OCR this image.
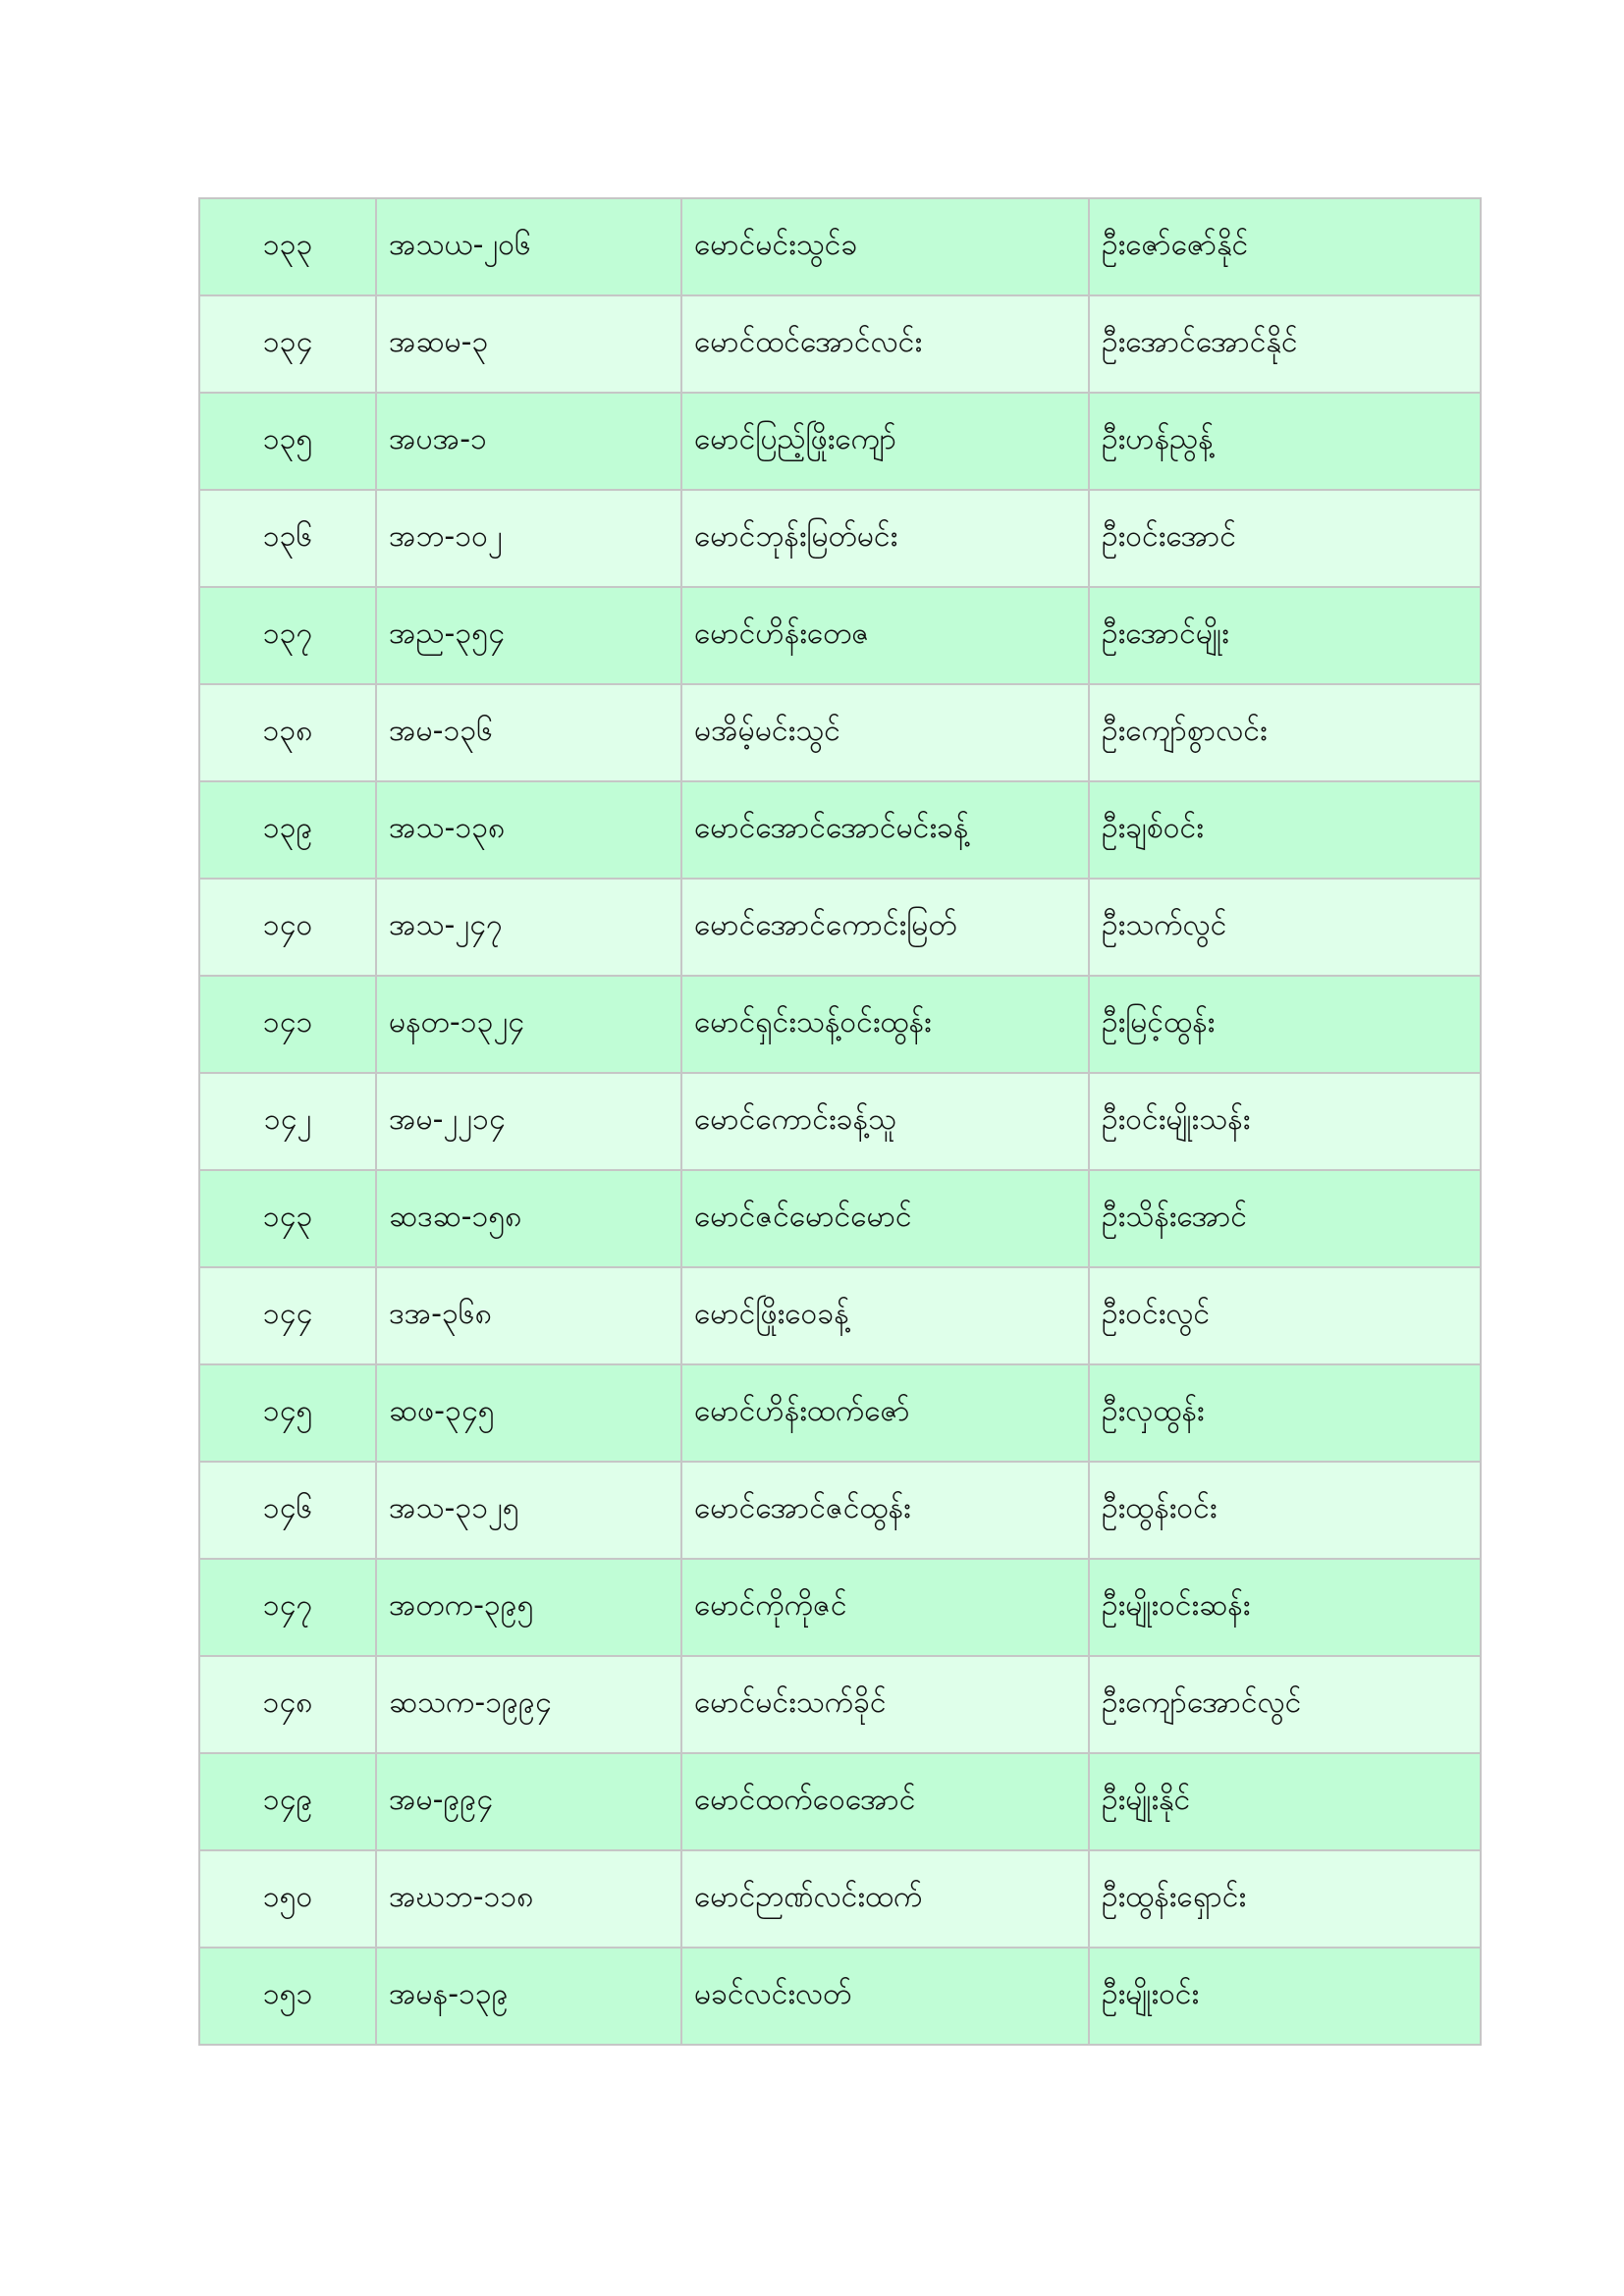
၁၃၃	အသယ-၂၀၆	မောင်မင်းသွင်ခ	ဦးဇော်ဇော်နိုင်
၁၃၄	အဆမ-၃	မောင်ထင်အောင်လင်း	ဦးအောင်အောင်နိုင်
၁၃၅	အပအ-၁	မောင်ပြည့်ဖြိုးကျော်	ဦးဟန်ညွန့်
၁၃၆	အဘ-၁၀၂	မောင်ဘုန်းမြတ်မင်း	ဦးဝင်းအောင်
၁၃၇	အည-၃၅၄	မောင်ဟိန်းတေဇ	ဦးအောင်မျိုး
၁၃၈	အမ-၁၃၆	မအိမ့်မင်းသွင်	ဦးကျော်စွာလင်း
၁၃၉	အသ-၁၃၈	မောင်အောင်အောင်မင်းခန့်	ဦးချစ်ဝင်း
၁၄၀	အသ-၂၄၇	မောင်အောင်ကောင်းမြတ်	ဦးသက်လွင်
၁၄၁	မနတ-၁၃၂၄	မောင်ရှင်းသန့်ဝင်းထွန်း	ဦးမြင့်ထွန်း
၁၄၂	အမ-၂၂၁၄	မောင်ကောင်းခန့်သူ	ဦးဝင်းမျိုးသန်း
၁၄၃	ဆဒဆ-၁၅၈	မောင်ဇင်မောင်မောင်	ဦးသိန်းအောင်
၁၄၄	ဒအ-၃၆၈	မောင်ဖြိုးဝေခန့်	ဦးဝင်းလွင်
၁၄၅	ဆဖ-၃၄၅	မောင်ဟိန်းထက်ဇော်	ဦးလှထွန်း
၁၄၆	အသ-၃၁၂၅	မောင်အောင်ဇင်ထွန်း	ဦးထွန်းဝင်း
၁၄၇	အတက-၃၉၅	မောင်ကိုကိုဇင်	ဦးမျိုးဝင်းဆန်း
၁၄၈	ဆသက-၁၉၉၄	မောင်မင်းသက်ခိုင်	ဦးကျော်အောင်လွင်
၁၄၉	အမ-၉၉၄	မောင်ထက်ဝေအောင်	ဦးမျိုးနိုင်
၁၅၀	အဃဘ-၁၁၈	မောင်ဉာဏ်လင်းထက်	ဦးထွန်းရှောင်း
၁၅၁	အမန-၁၃၉	မခင်လင်းလတ်	ဦးမျိုးဝင်း
